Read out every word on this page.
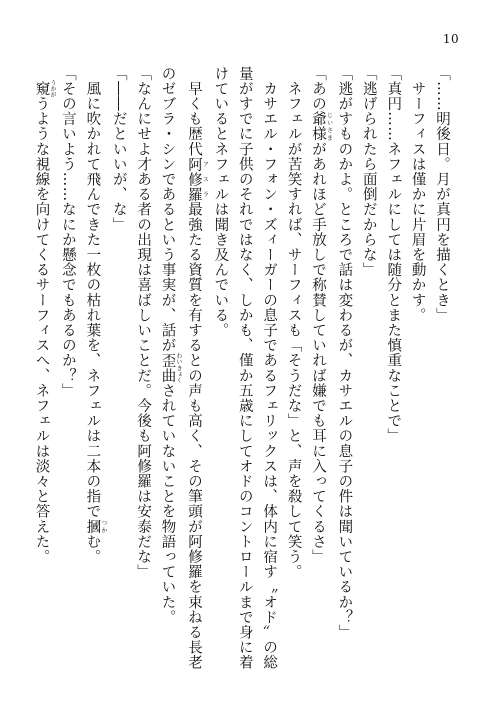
10
「……明後日。月が真円を描くとき」
　サーフィスは僅かに片眉を動かす。
「真円……ネフェルにしては随分とまた慎重なことで」
「逃げられたら面倒だからな」
「逃がすものかよ。ところで話は変わるが、カサエルの息子の件は聞いているか？」
「あの爺様 じいさまがあれほど手放しで称賛していれば嫌でも耳に入ってくるさ」
　ネフェルが苦笑すれば、サーフィスも「そうだな」と、声を殺して笑う。
　カサエル・フォン・ズィーガーの息子であるフェリックスは、体内に宿す〝オド〟の総
量がすでに子供のそれではなく、しかも、僅か五歳にしてオドのコントロールまで身に着
けているとネフェルは聞き及んでいる。
　早くも歴代阿修羅 アスラ最強たる資質を有するとの声も高く、その筆頭が阿修羅を束ねる長老
のゼブラ・シンであるという事実が、話が歪曲 わいきょくされていないことを物語っていた。
「なんにせよ才ある者の出現は喜ばしいことだ。今後も阿修羅は安泰だな」
「――だといいが、な」
　風に吹かれて飛んできた一枚の枯れ葉を、ネフェルは二本の指で摑 つかむ。
「その言いよう……なにか懸念でもあるのか？」
　窺 うかがうような視線を向けてくるサーフィスへ、ネフェルは淡々と答えた。
